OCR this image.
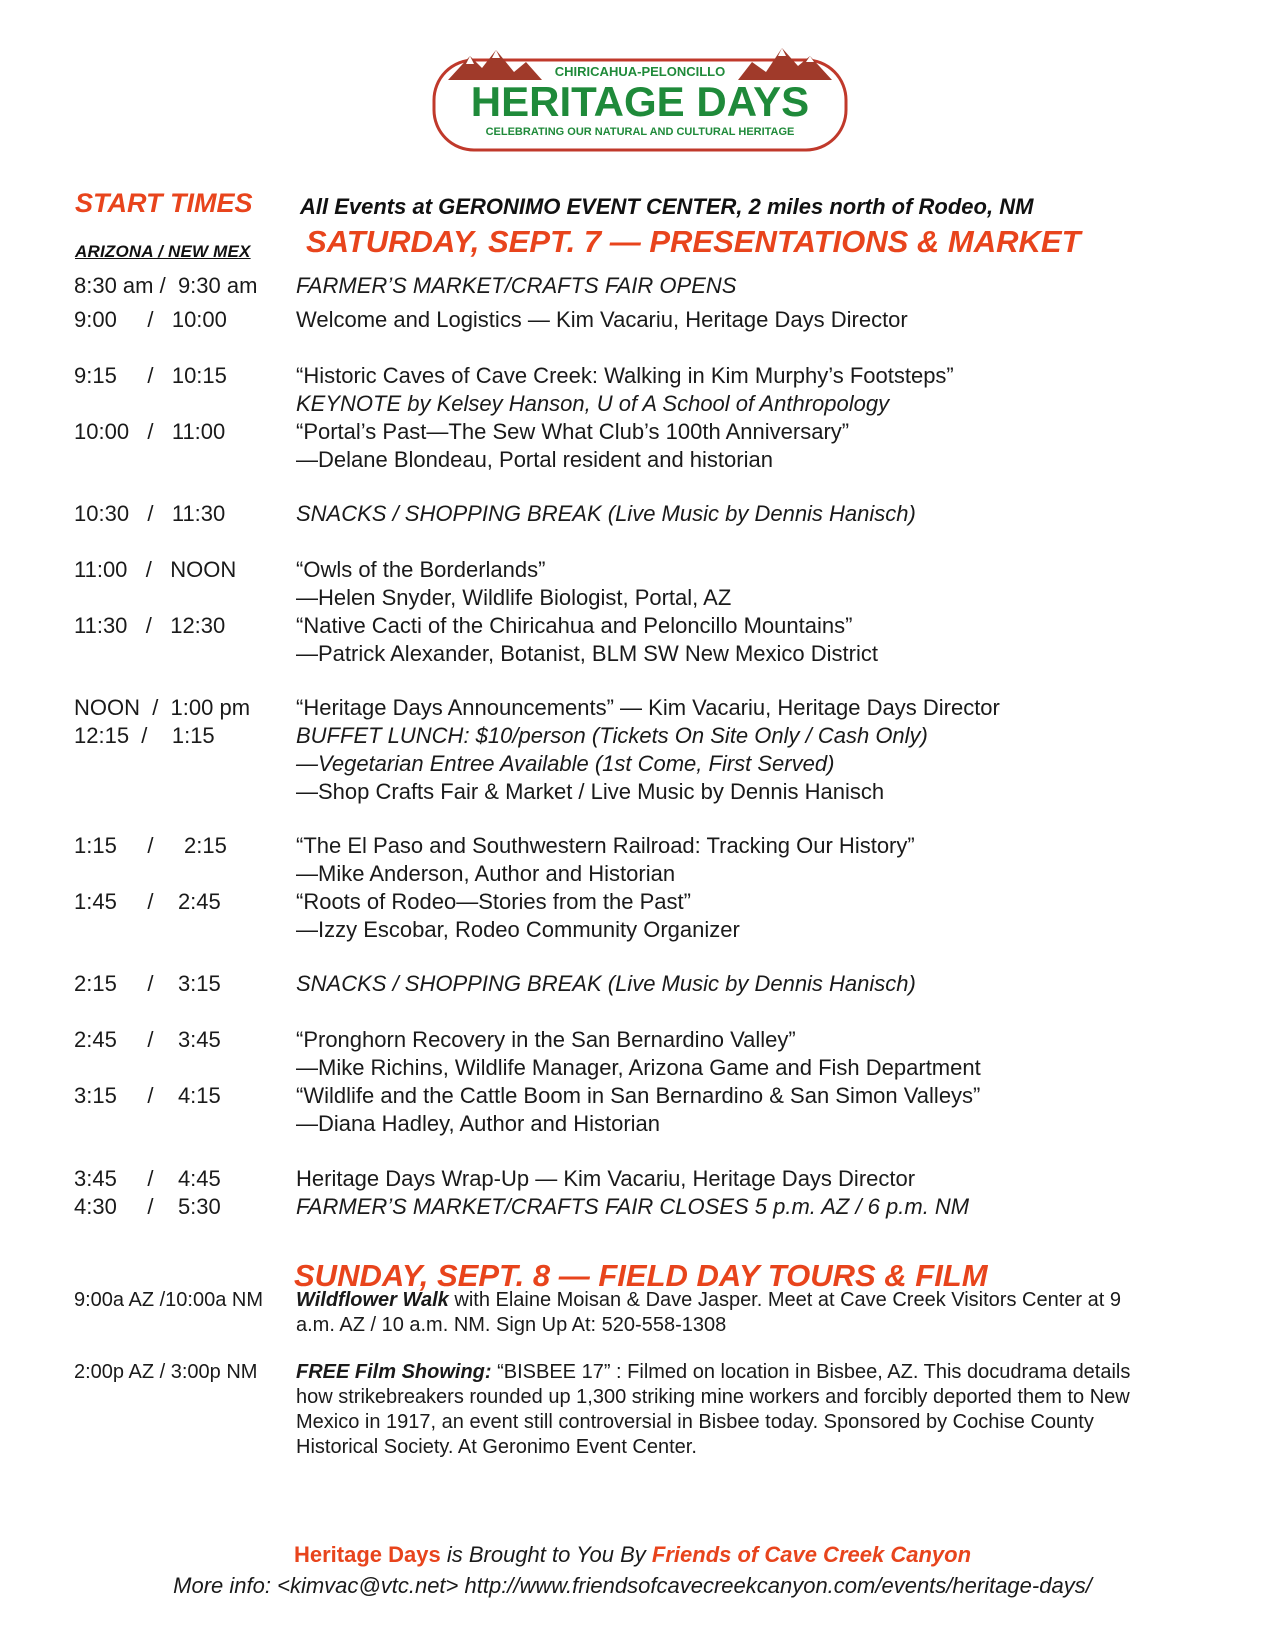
CHIRICAHUA-PELONCILLO
HERITAGE DAYS
CELEBRATING OUR NATURAL AND CULTURAL HERITAGE
START TIMES All Events at GERONIMO EVENT CENTER, 2 miles north of Rodeo, NM
ARIZONA / NEW MEX SATURDAY, SEPT. 7 — PRESENTATIONS & MARKET
8:30 am /  9:30 am FARMER’S MARKET/CRAFTS FAIR OPENS
9:00     /   10:00	Welcome and Logistics — Kim Vacariu, Heritage Days Director
9:15     /   10:15	“Historic Caves of Cave Creek: Walking in Kim Murphy’s Footsteps”
KEYNOTE by Kelsey Hanson, U of A School of Anthropology
10:00   /   11:00	“Portal’s Past—The Sew What Club’s 100th Anniversary”
—Delane Blondeau, Portal resident and historian
10:30   /   11:30	SNACKS / SHOPPING BREAK (Live Music by Dennis Hanisch)
11:00   /   NOON	“Owls of the Borderlands”
—Helen Snyder, Wildlife Biologist, Portal, AZ
11:30   /   12:30	“Native Cacti of the Chiricahua and Peloncillo Mountains”
—Patrick Alexander, Botanist, BLM SW New Mexico District
NOON  /  1:00 pm “Heritage Days Announcements” — Kim Vacariu, Heritage Days Director
12:15  /    1:15	BUFFET LUNCH: $10/person (Tickets On Site Only / Cash Only)
—Vegetarian Entree Available (1st Come, First Served)
—Shop Crafts Fair & Market / Live Music by Dennis Hanisch
1:15     /     2:15	“The El Paso and Southwestern Railroad: Tracking Our History”
—Mike Anderson, Author and Historian
1:45     /    2:45	“Roots of Rodeo—Stories from the Past”
—Izzy Escobar, Rodeo Community Organizer
2:15     /    3:15	SNACKS / SHOPPING BREAK (Live Music by Dennis Hanisch)
2:45     /    3:45	“Pronghorn Recovery in the San Bernardino Valley”
—Mike Richins, Wildlife Manager, Arizona Game and Fish Department
3:15     /    4:15	“Wildlife and the Cattle Boom in San Bernardino & San Simon Valleys”
—Diana Hadley, Author and Historian
3:45     /    4:45	Heritage Days Wrap-Up — Kim Vacariu, Heritage Days Director
4:30     /    5:30	FARMER’S MARKET/CRAFTS FAIR CLOSES 5 p.m. AZ / 6 p.m. NM
SUNDAY, SEPT. 8 — FIELD DAY TOURS & FILM
9:00a AZ /10:00a NM Wildflower Walk with Elaine Moisan & Dave Jasper. Meet at Cave Creek Visitors Center at 9 a.m. AZ / 10 a.m. NM. Sign Up At: 520-558-1308
2:00p AZ / 3:00p NM FREE Film Showing: “BISBEE 17” : Filmed on location in Bisbee, AZ. This docudrama details how strikebreakers rounded up 1,300 striking mine workers and forcibly deported them to New Mexico in 1917, an event still controversial in Bisbee today. Sponsored by Cochise County Historical Society. At Geronimo Event Center.
Heritage Days is Brought to You By Friends of Cave Creek Canyon
More info: <kimvac@vtc.net> http://www.friendsofcavecreekcanyon.com/events/heritage-days/
